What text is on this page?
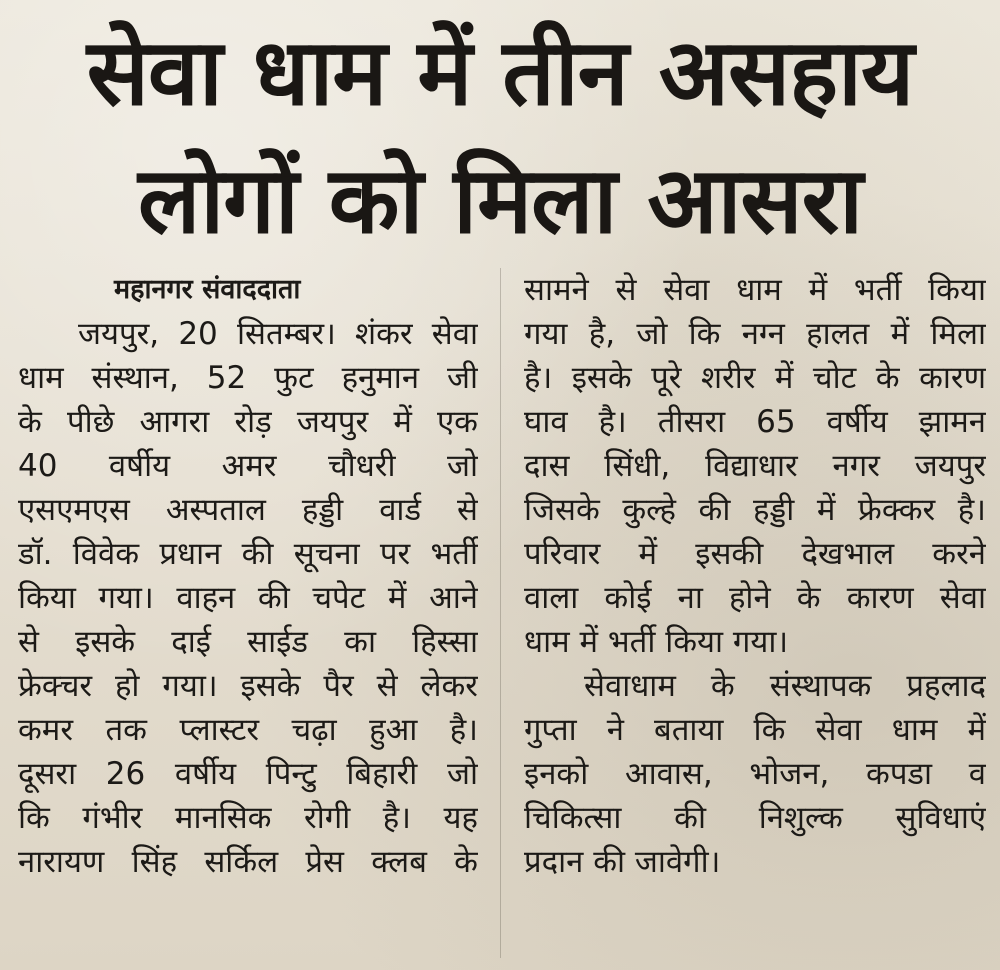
सेवा धाम में तीन असहाय
लोगों को मिला आसरा
महानगर संवाददाता
जयपुर, 20 सितम्बर। शंकर सेवा
धाम संस्थान, 52 फुट हनुमान जी
के पीछे आगरा रोड़ जयपुर में एक
40 वर्षीय अमर चौधरी जो
एसएमएस अस्पताल हड्डी वार्ड से
डॉ. विवेक प्रधान की सूचना पर भर्ती
किया गया। वाहन की चपेट में आने
से इसके दाई साईड का हिस्सा
फ्रेक्चर हो गया। इसके पैर से लेकर
कमर तक प्लास्टर चढ़ा हुआ है।
दूसरा 26 वर्षीय पिन्टु बिहारी जो
कि गंभीर मानसिक रोगी है। यह
नारायण सिंह सर्किल प्रेस क्लब के
सामने से सेवा धाम में भर्ती किया
गया है, जो कि नग्न हालत में मिला
है। इसके पूरे शरीर में चोट के कारण
घाव है। तीसरा 65 वर्षीय झामन
दास सिंधी, विद्याधार नगर जयपुर
जिसके कुल्हे की हड्डी में फ्रेक्कर है।
परिवार में इसकी देखभाल करने
वाला कोई ना होने के कारण सेवा
धाम में भर्ती किया गया।
सेवाधाम के संस्थापक प्रहलाद
गुप्ता ने बताया कि सेवा धाम में
इनको आवास, भोजन, कपडा व
चिकित्सा की निशुल्क सुविधाएं
प्रदान की जावेगी।
